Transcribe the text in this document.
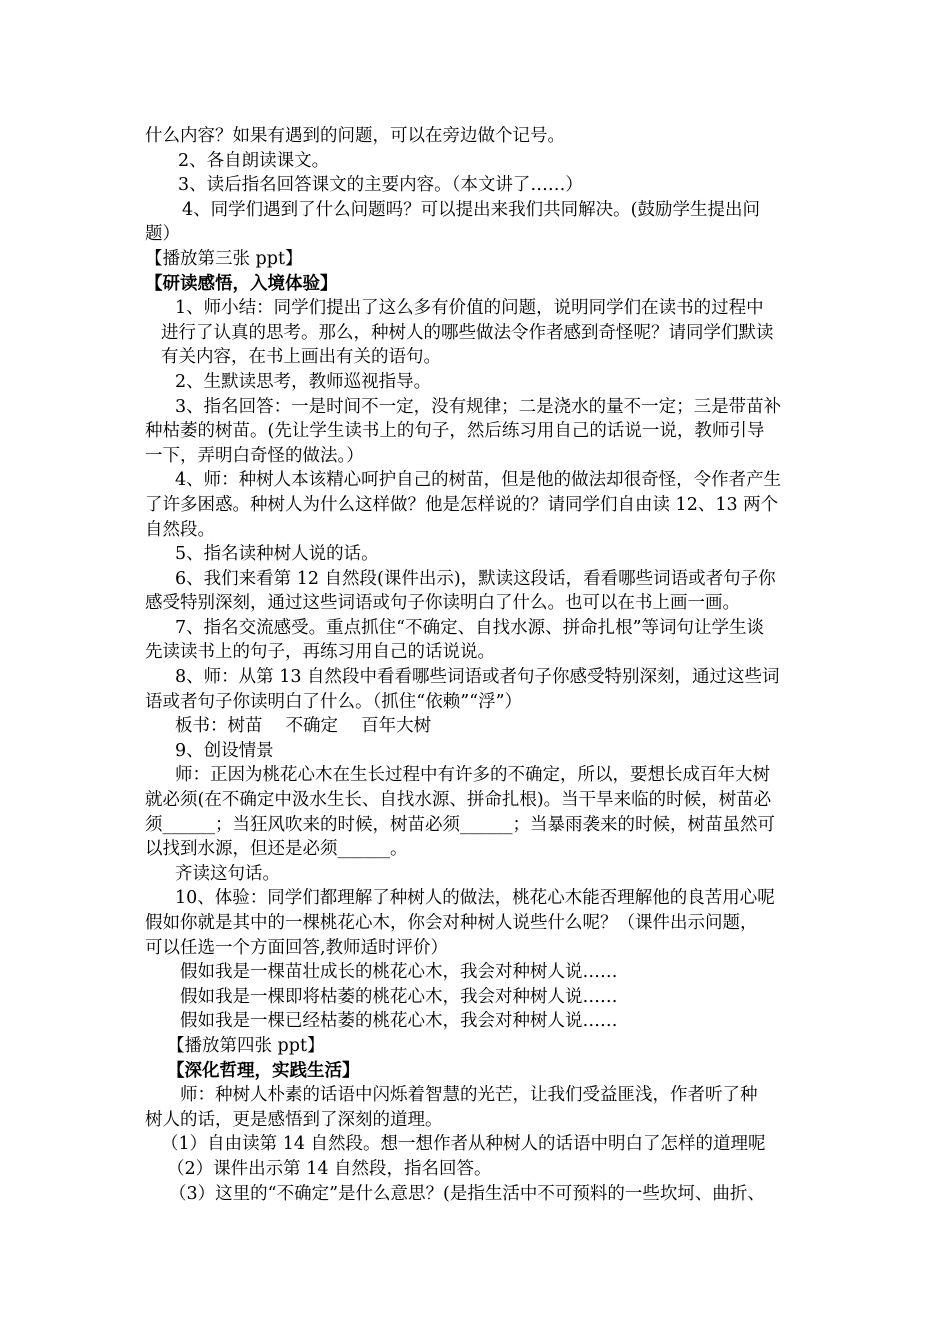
什么内容？如果有遇到的问题，可以在旁边做个记号。
2、各自朗读课文。
3、读后指名回答课文的主要内容。（本文讲了……）
4、同学们遇到了什么问题吗？可以提出来我们共同解决。(鼓励学生提出问
题）
【播放第三张 ppt】
【研读感悟，入境体验】
1、师小结：同学们提出了这么多有价值的问题，说明同学们在读书的过程中
进行了认真的思考。那么，种树人的哪些做法令作者感到奇怪呢？请同学们默读
有关内容，在书上画出有关的语句。
2、生默读思考，教师巡视指导。
3、指名回答：一是时间不一定，没有规律；二是浇水的量不一定；三是带苗补
种枯萎的树苗。(先让学生读书上的句子，然后练习用自己的话说一说，教师引导
一下，弄明白奇怪的做法。）
4、师：种树人本该精心呵护自己的树苗，但是他的做法却很奇怪，令作者产生
了许多困惑。种树人为什么这样做？他是怎样说的？请同学们自由读 12、13 两个
自然段。
5、指名读种树人说的话。
6、我们来看第 12 自然段(课件出示)，默读这段话，看看哪些词语或者句子你
感受特别深刻，通过这些词语或句子你读明白了什么。也可以在书上画一画。
7、指名交流感受。重点抓住“不确定、自找水源、拼命扎根”等词句让学生谈
先读读书上的句子，再练习用自己的话说说。
8、师：从第 13 自然段中看看哪些词语或者句子你感受特别深刻，通过这些词
语或者句子你读明白了什么。（抓住“依赖”“浮”）
板书：树苗　 不确定　 百年大树
9、创设情景
师：正因为桃花心木在生长过程中有许多的不确定，所以，要想长成百年大树
就必须(在不确定中汲水生长、自找水源、拼命扎根)。当干旱来临的时候，树苗必
须______；当狂风吹来的时候，树苗必须______；当暴雨袭来的时候，树苗虽然可
以找到水源，但还是必须______。
齐读这句话。
10、体验：同学们都理解了种树人的做法，桃花心木能否理解他的良苦用心呢
假如你就是其中的一棵桃花心木，你会对种树人说些什么呢？（课件出示问题，
可以任选一个方面回答,教师适时评价）
假如我是一棵苗壮成长的桃花心木，我会对种树人说……
假如我是一棵即将枯萎的桃花心木，我会对种树人说……
假如我是一棵已经枯萎的桃花心木，我会对种树人说……
【播放第四张 ppt】
【深化哲理，实践生活】
师：种树人朴素的话语中闪烁着智慧的光芒，让我们受益匪浅，作者听了种
树人的话，更是感悟到了深刻的道理。
（1）自由读第 14 自然段。想一想作者从种树人的话语中明白了怎样的道理呢
（2）课件出示第 14 自然段，指名回答。
（3）这里的“不确定”是什么意思？(是指生活中不可预料的一些坎坷、曲折、
